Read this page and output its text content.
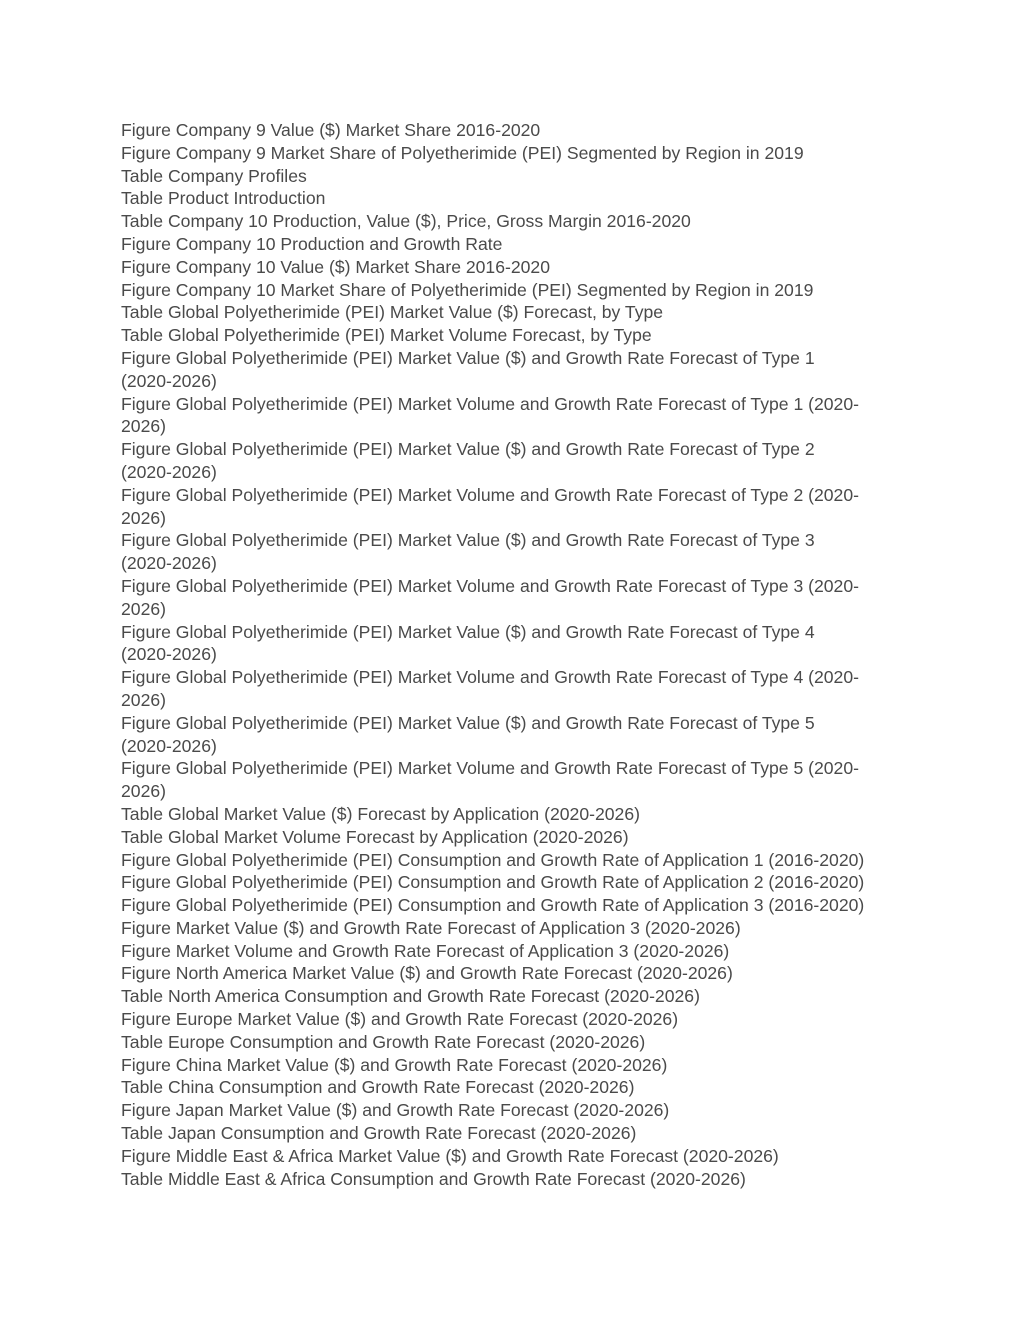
Figure Company 9 Value ($) Market Share 2016-2020
Figure Company 9 Market Share of Polyetherimide (PEI) Segmented by Region in 2019
Table Company Profiles
Table Product Introduction
Table Company 10 Production, Value ($), Price, Gross Margin 2016-2020
Figure Company 10 Production and Growth Rate
Figure Company 10 Value ($) Market Share 2016-2020
Figure Company 10 Market Share of Polyetherimide (PEI) Segmented by Region in 2019
Table Global Polyetherimide (PEI) Market Value ($) Forecast, by Type
Table Global Polyetherimide (PEI) Market Volume Forecast, by Type
Figure Global Polyetherimide (PEI) Market Value ($) and Growth Rate Forecast of Type 1
(2020-2026)
Figure Global Polyetherimide (PEI) Market Volume and Growth Rate Forecast of Type 1 (2020-
2026)
Figure Global Polyetherimide (PEI) Market Value ($) and Growth Rate Forecast of Type 2
(2020-2026)
Figure Global Polyetherimide (PEI) Market Volume and Growth Rate Forecast of Type 2 (2020-
2026)
Figure Global Polyetherimide (PEI) Market Value ($) and Growth Rate Forecast of Type 3
(2020-2026)
Figure Global Polyetherimide (PEI) Market Volume and Growth Rate Forecast of Type 3 (2020-
2026)
Figure Global Polyetherimide (PEI) Market Value ($) and Growth Rate Forecast of Type 4
(2020-2026)
Figure Global Polyetherimide (PEI) Market Volume and Growth Rate Forecast of Type 4 (2020-
2026)
Figure Global Polyetherimide (PEI) Market Value ($) and Growth Rate Forecast of Type 5
(2020-2026)
Figure Global Polyetherimide (PEI) Market Volume and Growth Rate Forecast of Type 5 (2020-
2026)
Table Global Market Value ($) Forecast by Application (2020-2026)
Table Global Market Volume Forecast by Application (2020-2026)
Figure Global Polyetherimide (PEI) Consumption and Growth Rate of Application 1 (2016-2020)
Figure Global Polyetherimide (PEI) Consumption and Growth Rate of Application 2 (2016-2020)
Figure Global Polyetherimide (PEI) Consumption and Growth Rate of Application 3 (2016-2020)
Figure Market Value ($) and Growth Rate Forecast of Application 3 (2020-2026)
Figure Market Volume and Growth Rate Forecast of Application 3 (2020-2026)
Figure North America Market Value ($) and Growth Rate Forecast (2020-2026)
Table North America Consumption and Growth Rate Forecast (2020-2026)
Figure Europe Market Value ($) and Growth Rate Forecast (2020-2026)
Table Europe Consumption and Growth Rate Forecast (2020-2026)
Figure China Market Value ($) and Growth Rate Forecast (2020-2026)
Table China Consumption and Growth Rate Forecast (2020-2026)
Figure Japan Market Value ($) and Growth Rate Forecast (2020-2026)
Table Japan Consumption and Growth Rate Forecast (2020-2026)
Figure Middle East & Africa Market Value ($) and Growth Rate Forecast (2020-2026)
Table Middle East & Africa Consumption and Growth Rate Forecast (2020-2026)
